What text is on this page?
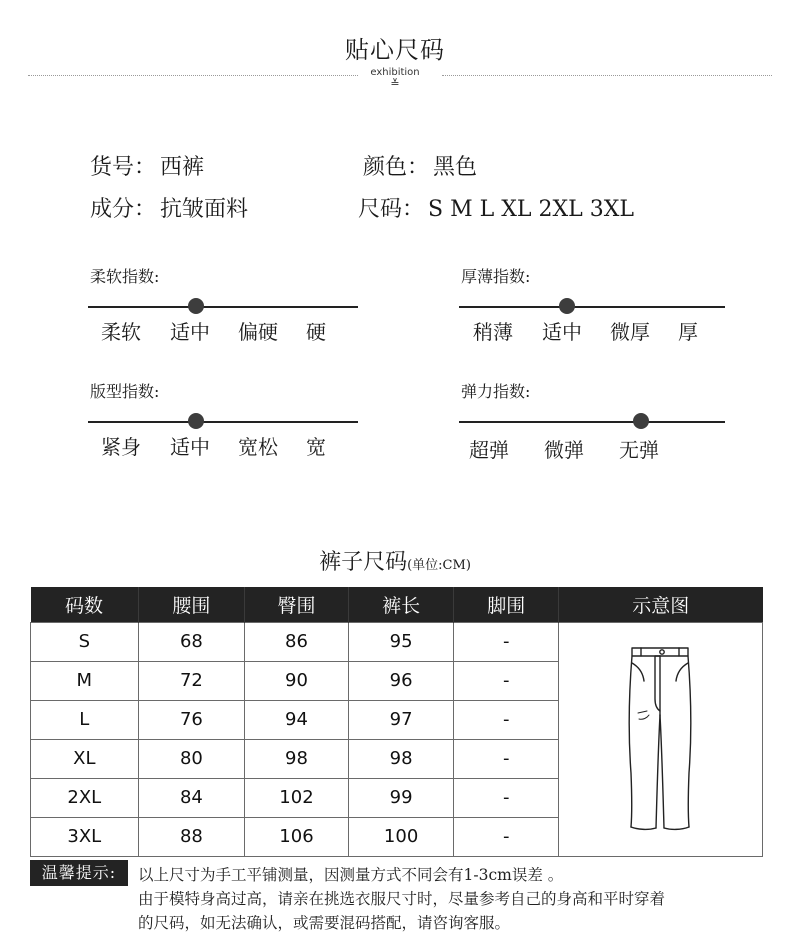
贴心尺码
exhibition
≚
货号： 西裤	颜色： 黑色
成分： 抗皱面料	尺码： S M L XL 2XL 3XL
柔软指数:
柔软 适中 偏硬 硬
厚薄指数:
稍薄 适中 微厚 厚
版型指数:
紧身 适中 宽松 宽
弹力指数:
超弹 微弹 无弹
裤子尺码(单位:CM)
码数	腰围	臀围	裤长	脚围	示意图
S	68	86	95	-	
M	72	90	96	-	
L	76	94	97	-	
XL	80	98	98	-	
2XL	84	102	99	-	
3XL	88	106	100	-	
温馨提示:	以上尺寸为手工平铺测量，因测量方式不同会有1-3cm误差 。
由于模特身高过高，请亲在挑选衣服尺寸时，尽量参考自己的身高和平时穿着
的尺码，如无法确认，或需要混码搭配，请咨询客服。
